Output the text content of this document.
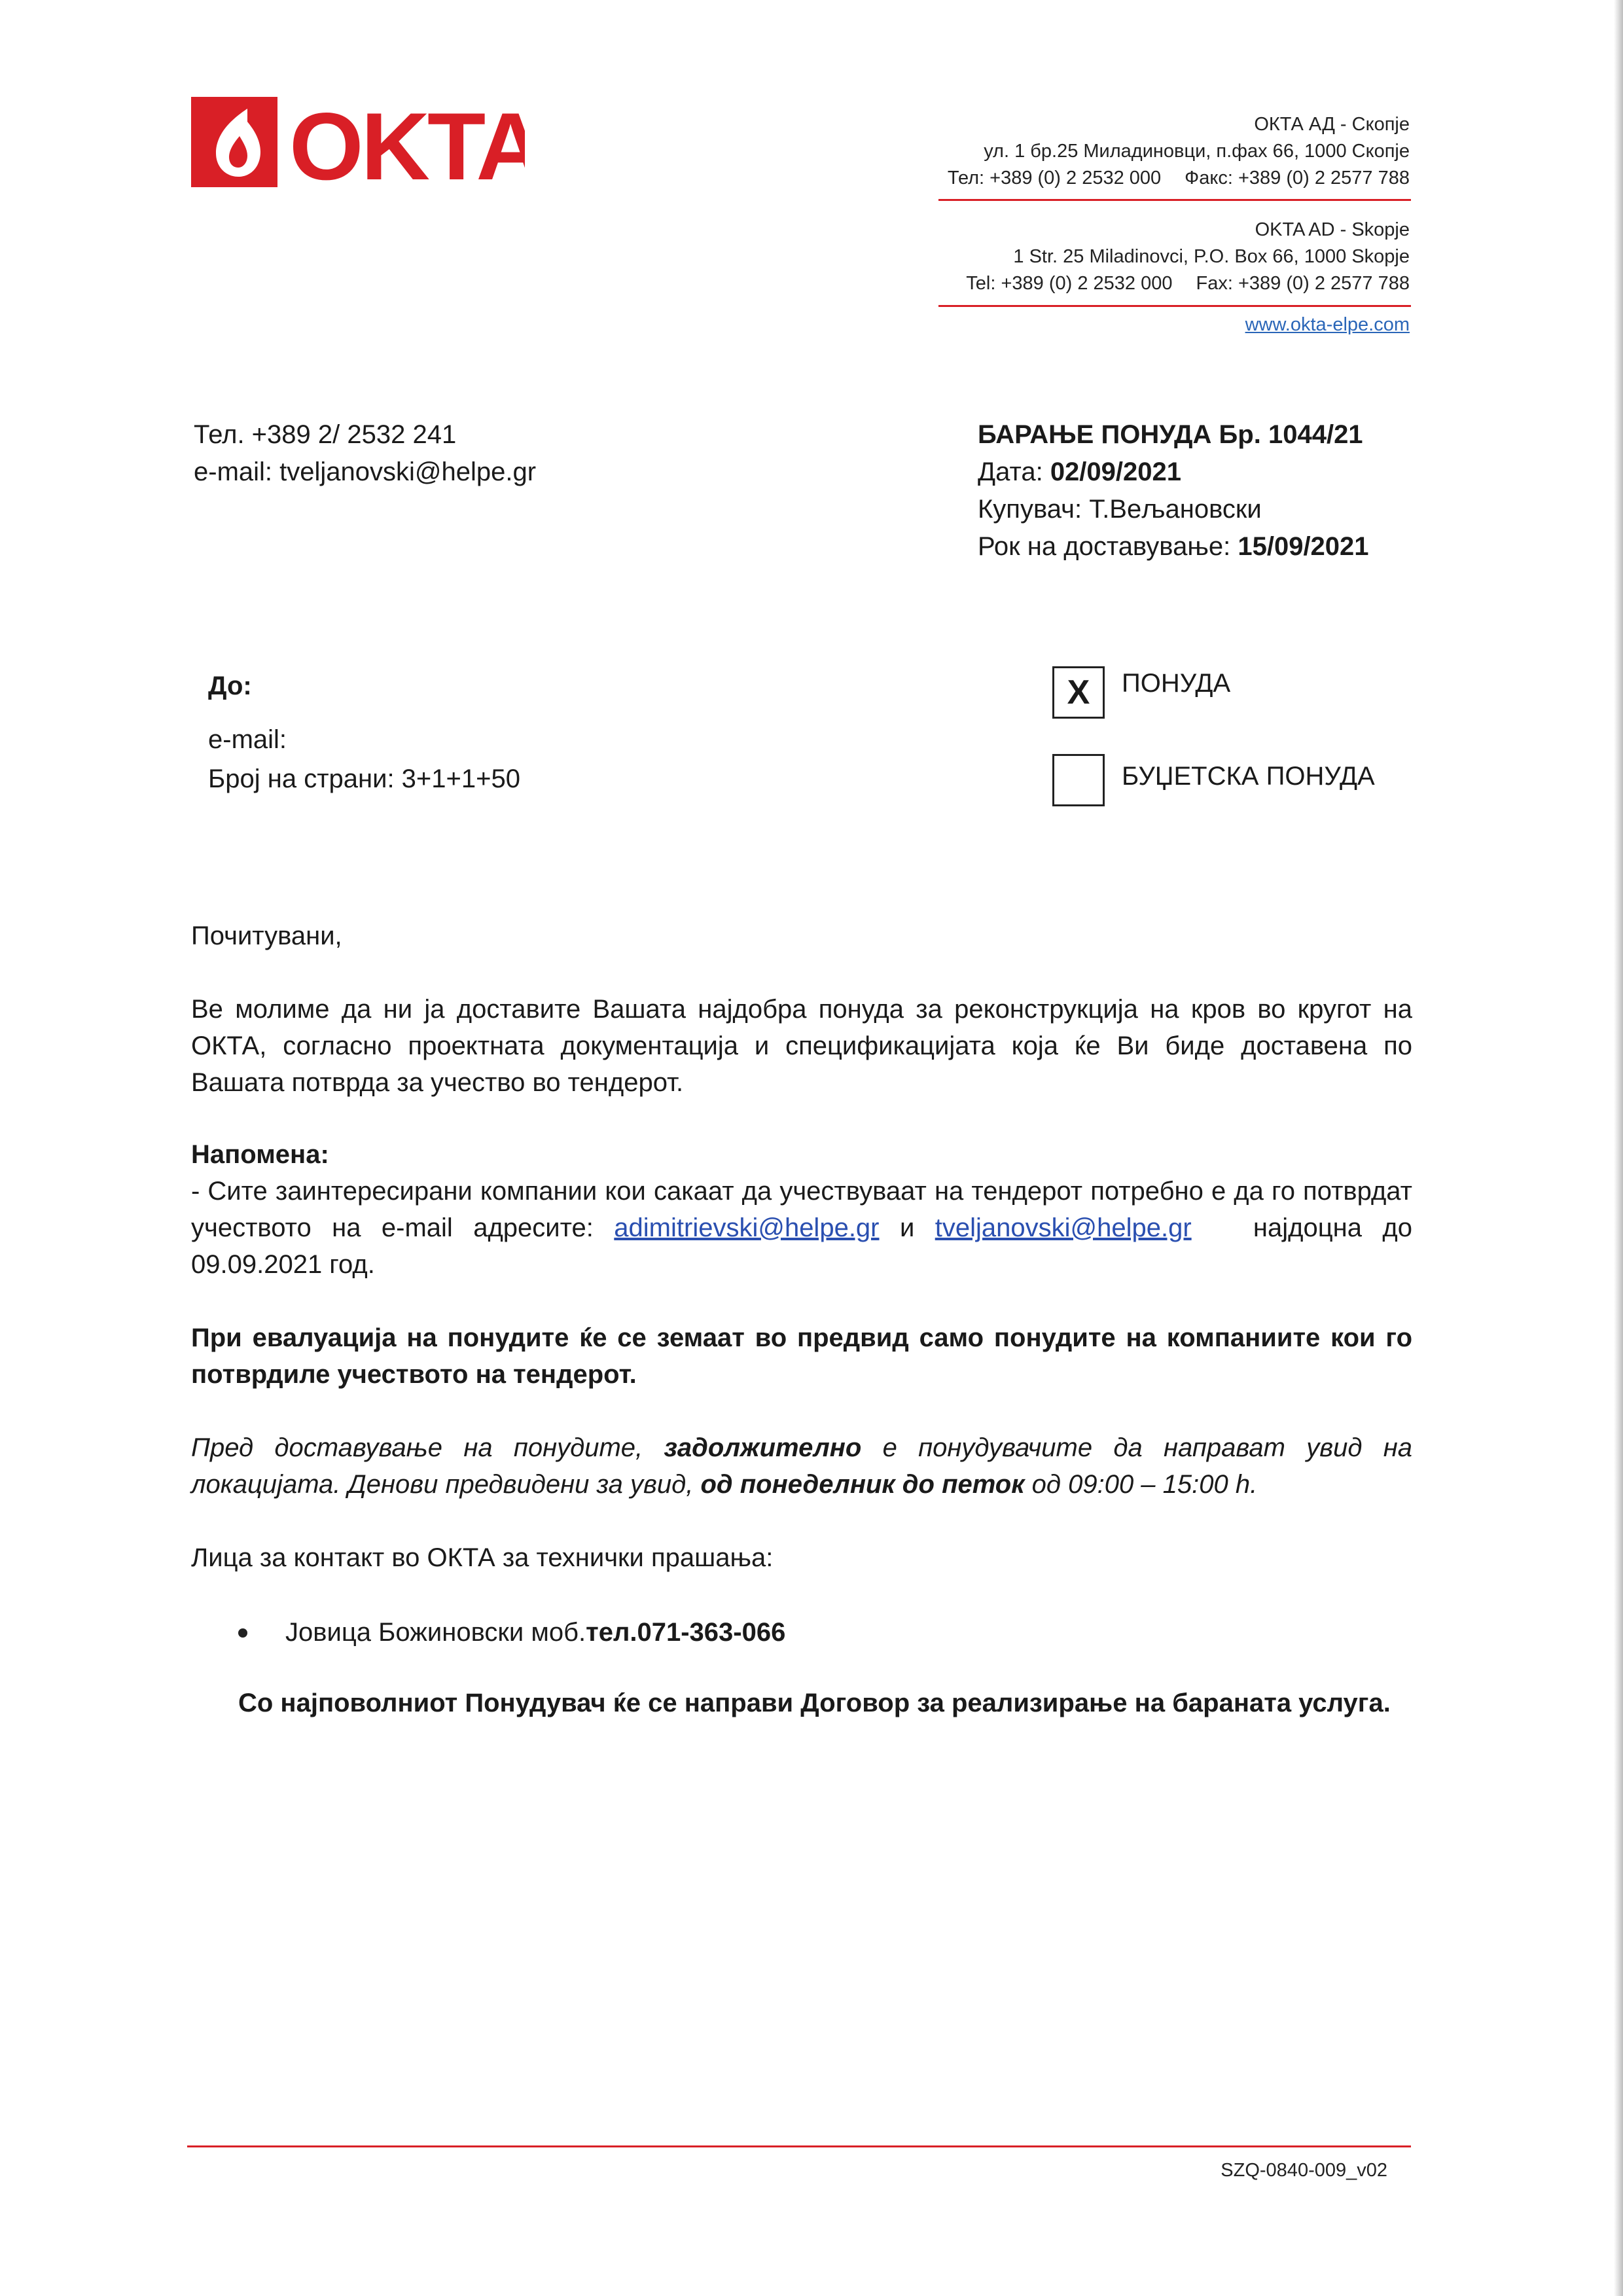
ΟΚΤΑ	ОКТА АД - Скопје
ул. 1 бр.25 Миладиновци, п.фах 66, 1000 Скопје
Тел: +389 (0) 2 2532 000 Факс: +389 (0) 2 2577 788
OKTA AD - Skopje
1 Str. 25 Miladinovci, P.O. Box 66, 1000 Skopje
Tel: +389 (0) 2 2532 000 Fax: +389 (0) 2 2577 788
www.okta-elpe.com
Тел. +389 2/ 2532 241
e-mail: tveljanovski@helpe.gr
БАРАЊЕ ПОНУДА Бр. 1044/21
Дата: 02/09/2021
Купувач: Т.Вељановски
Рок на доставување: 15/09/2021
До:
e-mail:
Број на страни: 3+1+1+50
X	ПОНУДА
БУЏЕТСКА ПОНУДА
Почитувани,
Ве молиме да ни ја доставите Вашата најдобра понуда за реконструкција на кров во кругот на ОКТА, согласно проектната документација и спецификацијата која ќе Ви биде доставена по Вашата потврда за учество во тендерот.
Напомена:
- Сите заинтересирани компании кои сакаат да учествуваат на тендерот потребно е да го потврдат учеството на e-mail адресите: adimitrievski@helpe.gr и tveljanovski@helpe.gr најдоцна до 09.09.2021 год.
При евалуација на понудите ќе се земаат во предвид само понудите на компаниите кои го потврдиле учеството на тендерот.
Пред доставување на понудите, задолжително е понудувачите да направат увид на локацијата. Денови предвидени за увид, од понеделник до петок од 09:00 – 15:00 h.
Лица за контакт во ОКТА за технички прашања:
Јовица Божиновски моб.тел.071-363-066
Со најповолниот Понудувач ќе се направи Договор за реализирање на бараната услуга.
SZQ-0840-009_v02
